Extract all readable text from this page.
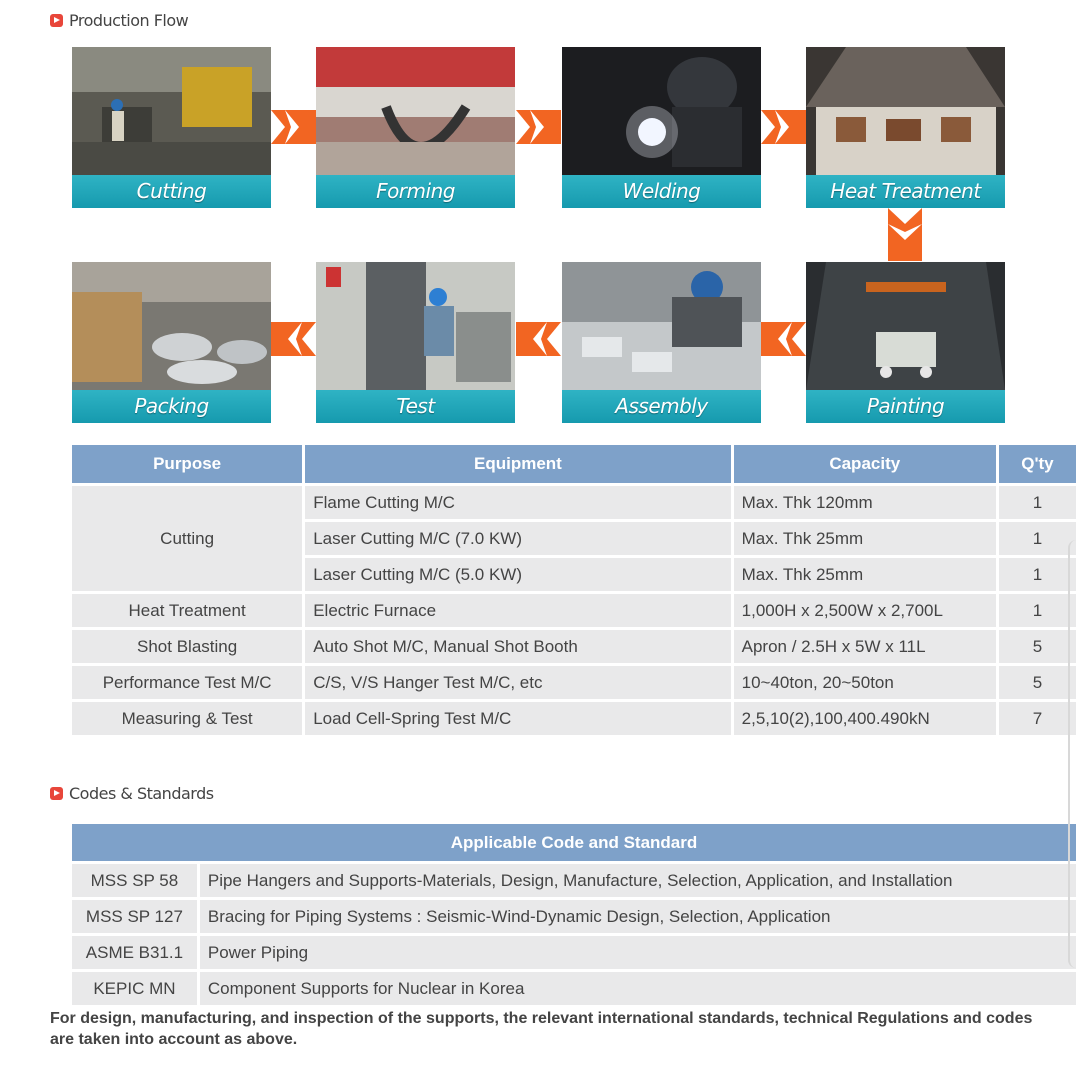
Production Flow
Cutting	Forming	Welding	Heat Treatment
Packing	Test	Assembly	Painting
Purpose	Equipment	Capacity	Q'ty
Cutting	Flame Cutting M/C	Max. Thk 120mm	1
	Laser Cutting M/C (7.0 KW)	Max. Thk 25mm	1
	Laser Cutting M/C (5.0 KW)	Max. Thk 25mm	1
Heat Treatment	Electric Furnace	1,000H x 2,500W x 2,700L	1
Shot Blasting	Auto Shot M/C, Manual Shot Booth	Apron / 2.5H x 5W x 11L	5
Performance Test M/C	C/S, V/S Hanger Test M/C, etc	10~40ton, 20~50ton	5
Measuring & Test	Load Cell-Spring Test M/C	2,5,10(2),100,400.490kN	7
Codes & Standards
Applicable Code and Standard	
MSS SP 58	Pipe Hangers and Supports-Materials, Design, Manufacture, Selection, Application, and Installation
MSS SP 127	Bracing for Piping Systems : Seismic-Wind-Dynamic Design, Selection, Application
ASME B31.1	Power Piping
KEPIC MN	Component Supports for Nuclear in Korea
For design, manufacturing, and inspection of the supports, the relevant international standards, technical Regulations and codes are taken into account as above.
